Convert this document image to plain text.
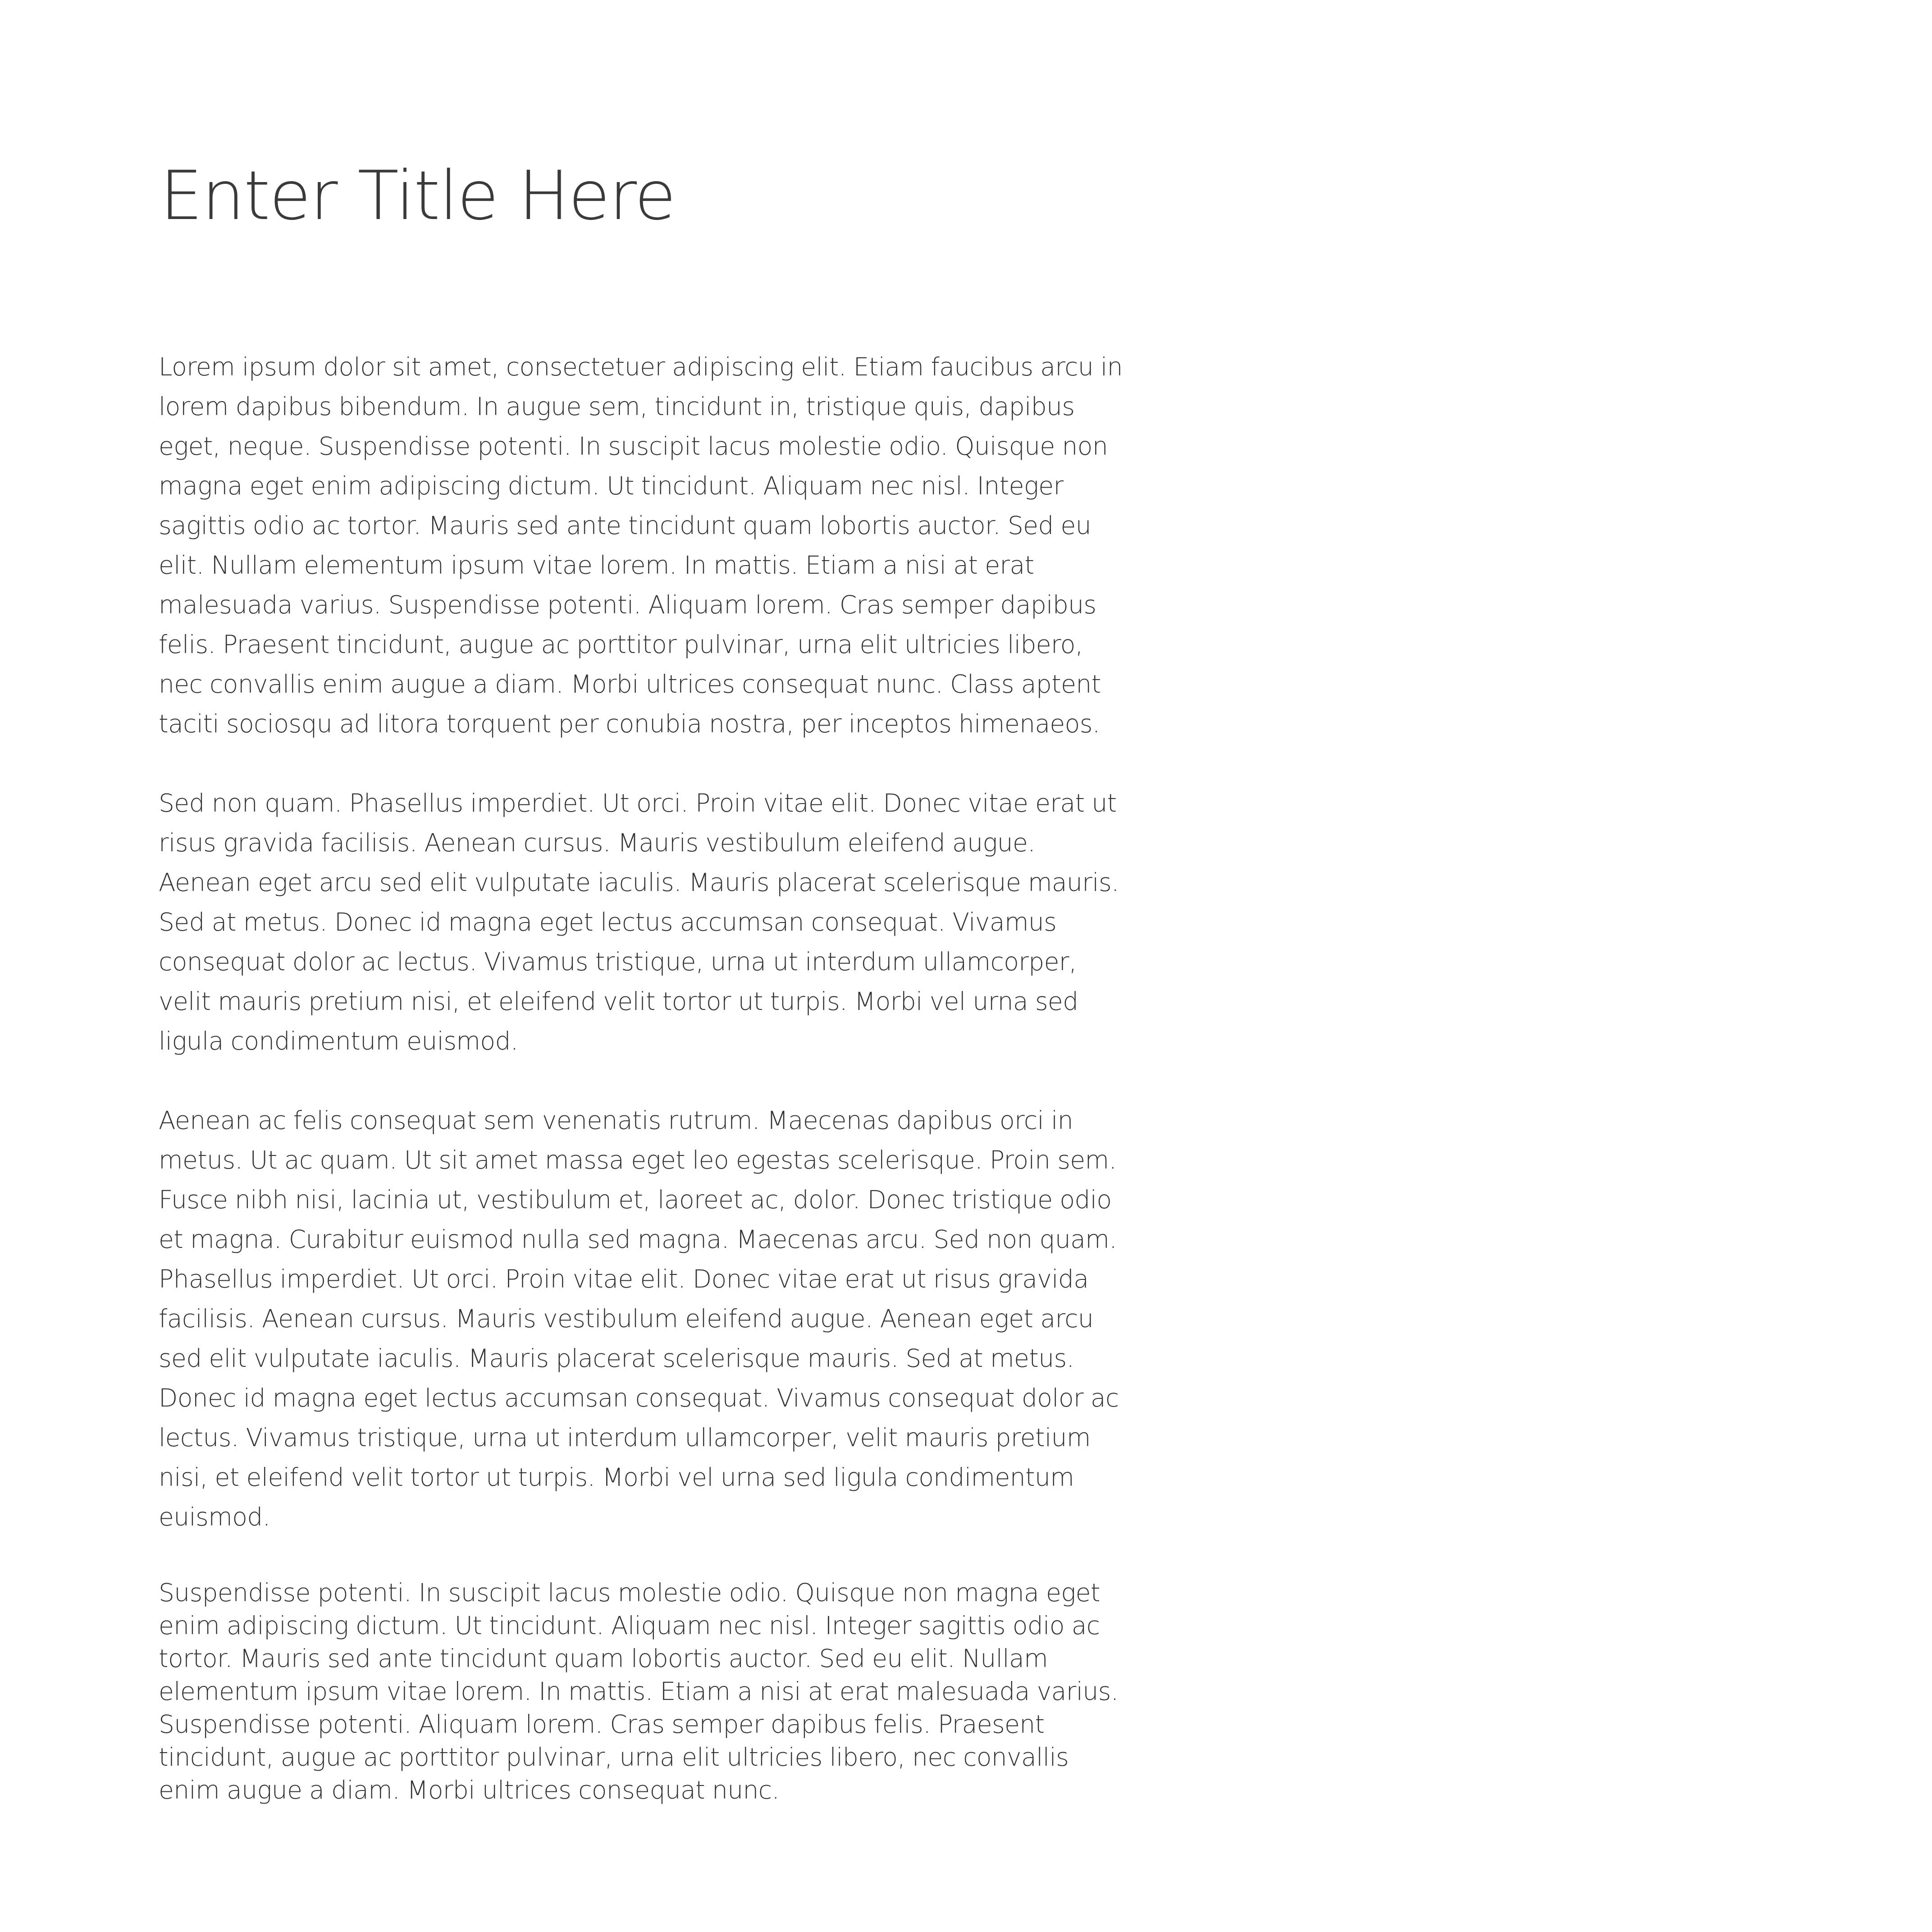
Enter Title Here

Lorem ipsum dolor sit amet, consectetuer adipiscing elit. Etiam faucibus arcu in lorem dapibus bibendum. In augue sem, tincidunt in, tristique quis, dapibus eget, neque. Suspendisse potenti. In suscipit lacus molestie odio. Quisque non magna eget enim adipiscing dictum. Ut tincidunt. Aliquam nec nisl. Integer sagittis odio ac tortor. Mauris sed ante tincidunt quam lobortis auctor. Sed eu elit. Nullam elementum ipsum vitae lorem. In mattis. Etiam a nisi at erat malesuada varius. Suspendisse potenti. Aliquam lorem. Cras semper dapibus felis. Praesent tincidunt, augue ac porttitor pulvinar, urna elit ultricies libero, nec convallis enim augue a diam. Morbi ultrices consequat nunc. Class aptent taciti sociosqu ad litora torquent per conubia nostra, per inceptos himenaeos.

Sed non quam. Phasellus imperdiet. Ut orci. Proin vitae elit. Donec vitae erat ut risus gravida facilisis. Aenean cursus. Mauris vestibulum eleifend augue. Aenean eget arcu sed elit vulputate iaculis. Mauris placerat scelerisque mauris. Sed at metus. Donec id magna eget lectus accumsan consequat. Vivamus consequat dolor ac lectus. Vivamus tristique, urna ut interdum ullamcorper, velit mauris pretium nisi, et eleifend velit tortor ut turpis. Morbi vel urna sed ligula condimentum euismod.

Aenean ac felis consequat sem venenatis rutrum. Maecenas dapibus orci in metus. Ut ac quam. Ut sit amet massa eget leo egestas scelerisque. Proin sem. Fusce nibh nisi, lacinia ut, vestibulum et, laoreet ac, dolor. Donec tristique odio et magna. Curabitur euismod nulla sed magna. Maecenas arcu. Sed non quam. Phasellus imperdiet. Ut orci. Proin vitae elit. Donec vitae erat ut risus gravida facilisis. Aenean cursus. Mauris vestibulum eleifend augue. Aenean eget arcu sed elit vulputate iaculis. Mauris placerat scelerisque mauris. Sed at metus. Donec id magna eget lectus accumsan consequat. Vivamus consequat dolor ac lectus. Vivamus tristique, urna ut interdum ullamcorper, velit mauris pretium nisi, et eleifend velit tortor ut turpis. Morbi vel urna sed ligula condimentum euismod.

Suspendisse potenti. In suscipit lacus molestie odio. Quisque non magna eget enim adipiscing dictum. Ut tincidunt. Aliquam nec nisl. Integer sagittis odio ac tortor. Mauris sed ante tincidunt quam lobortis auctor. Sed eu elit. Nullam elementum ipsum vitae lorem. In mattis. Etiam a nisi at erat malesuada varius. Suspendisse potenti. Aliquam lorem. Cras semper dapibus felis. Praesent tincidunt, augue ac porttitor pulvinar, urna elit ultricies libero, nec convallis enim augue a diam. Morbi ultrices consequat nunc.
